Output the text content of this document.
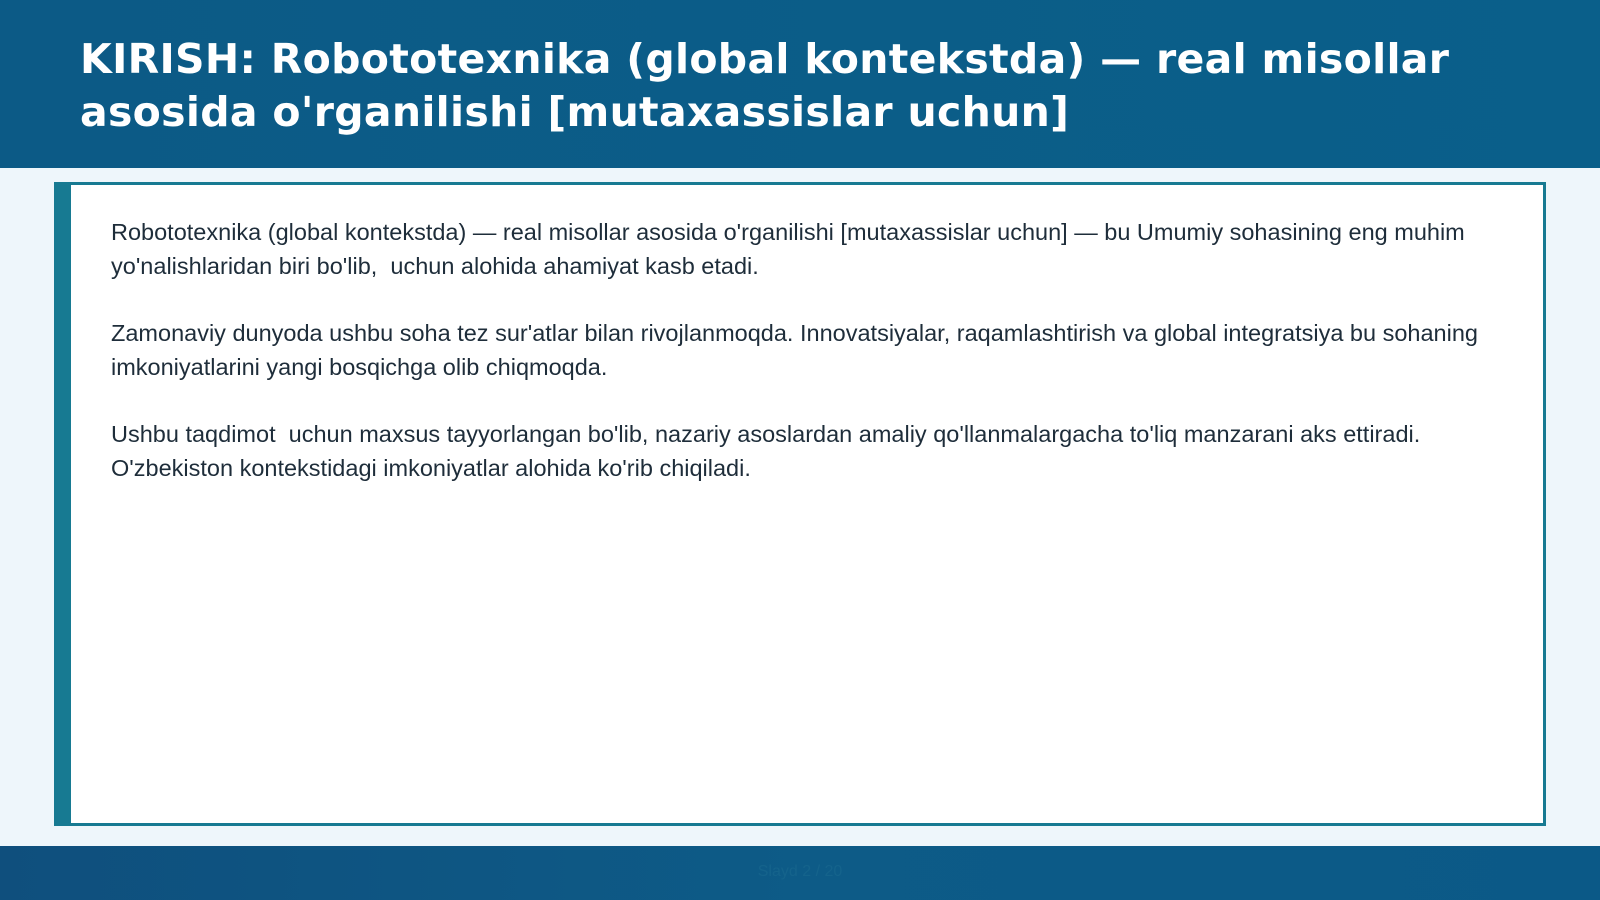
KIRISH: Robototexnika (global kontekstda) — real misollar asosida o'rganilishi [mutaxassislar uchun]

Robototexnika (global kontekstda) — real misollar asosida o'rganilishi [mutaxassislar uchun] — bu Umumiy sohasining eng muhim yo'nalishlaridan biri bo'lib,  uchun alohida ahamiyat kasb etadi.

Zamonaviy dunyoda ushbu soha tez sur'atlar bilan rivojlanmoqda. Innovatsiyalar, raqamlashtirish va global integratsiya bu sohaning imkoniyatlarini yangi bosqichga olib chiqmoqda.

Ushbu taqdimot  uchun maxsus tayyorlangan bo'lib, nazariy asoslardan amaliy qo'llanmalargacha to'liq manzarani aks ettiradi. O'zbekiston kontekstidagi imkoniyatlar alohida ko'rib chiqiladi.

Slayd 2 / 20
